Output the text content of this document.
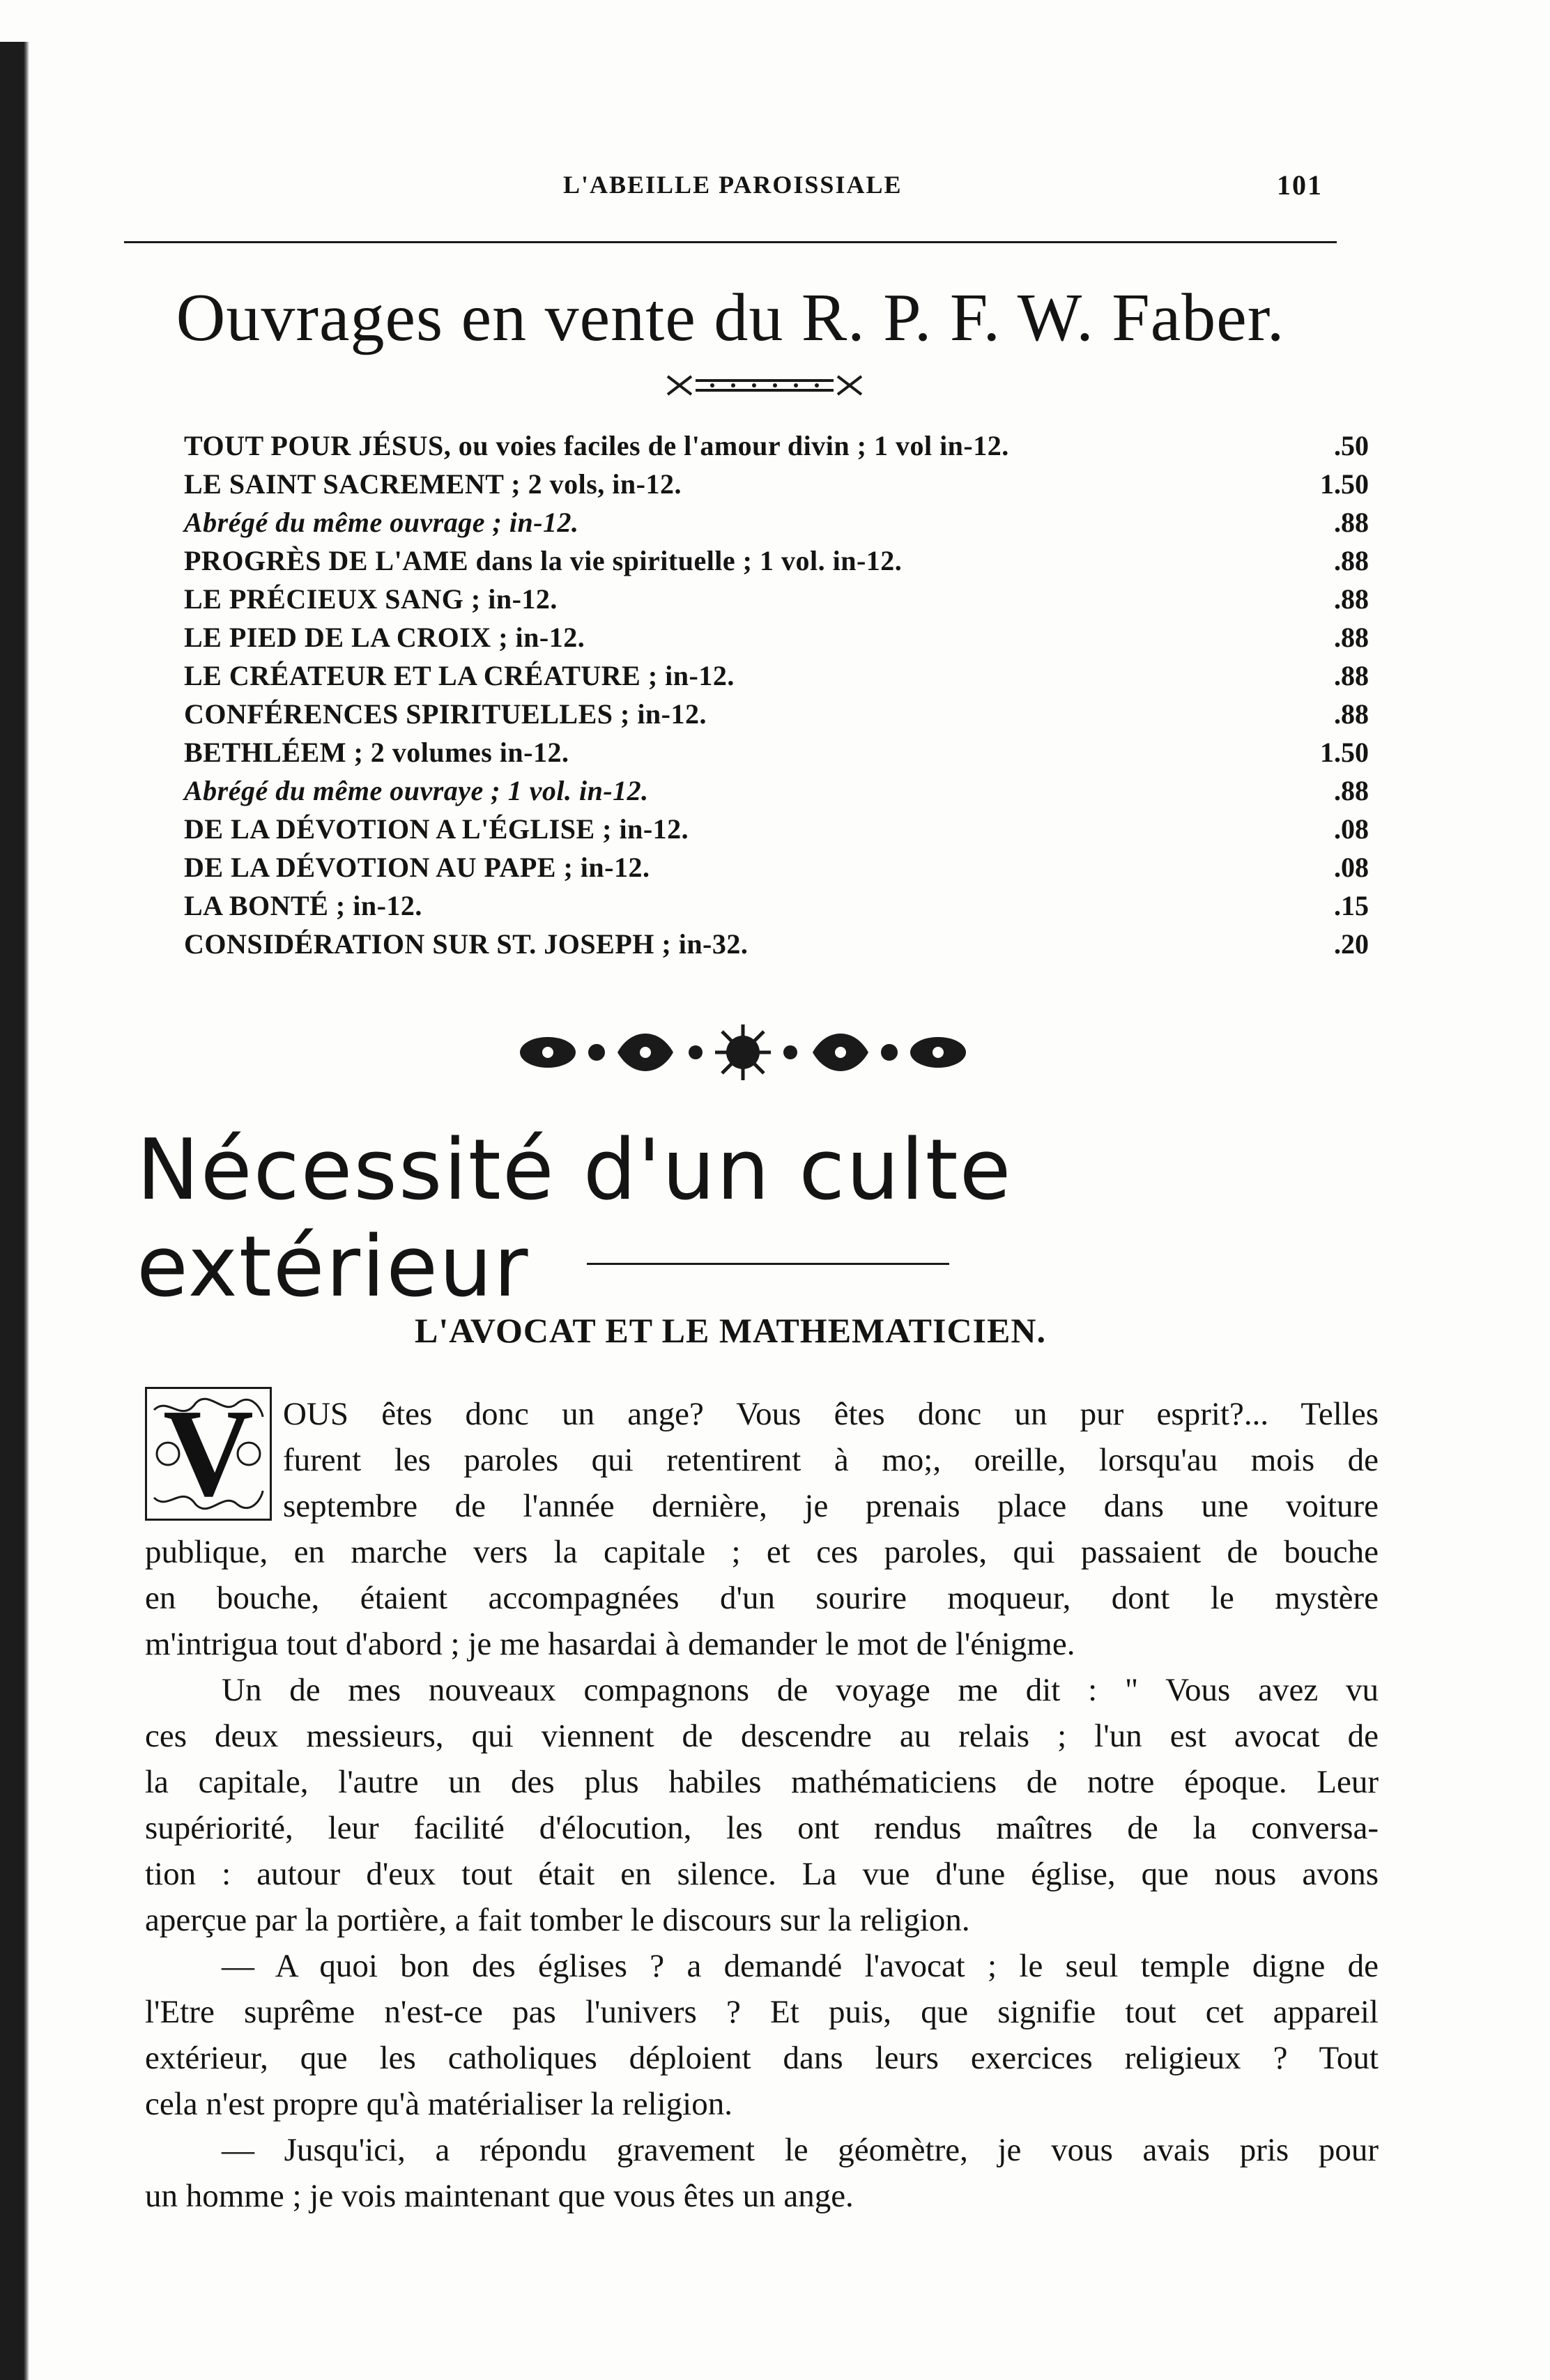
L'ABEILLE PAROISSIALE	101
Ouvrages en vente du R. P. F. W. Faber.
TOUT POUR JÉSUS, ou voies faciles de l'amour divin ; 1 vol in-12.	.50
LE SAINT SACREMENT ; 2 vols, in-12.	1.50
Abrégé du même ouvrage ; in-12.	.88
PROGRÈS DE L'AME dans la vie spirituelle ; 1 vol. in-12.	.88
LE PRÉCIEUX SANG ; in-12.	.88
LE PIED DE LA CROIX ; in-12.	.88
LE CRÉATEUR ET LA CRÉATURE ; in-12.	.88
CONFÉRENCES SPIRITUELLES ; in-12.	.88
BETHLÉEM ; 2 volumes in-12.	1.50
Abrégé du même ouvraye ; 1 vol. in-12.	.88
DE LA DÉVOTION A L'ÉGLISE ; in-12.	.08
DE LA DÉVOTION AU PAPE ; in-12.	.08
LA BONTÉ ; in-12.	.15
CONSIDÉRATION SUR ST. JOSEPH ; in-32.	.20
Nécessité d'un culte extérieur
L'AVOCAT ET LE MATHEMATICIEN.
V OUS êtes donc un ange? Vous êtes donc un pur esprit?... Telles
furent les paroles qui retentirent à mo;, oreille, lorsqu'au mois de
septembre de l'année dernière, je prenais place dans une voiture
publique, en marche vers la capitale ; et ces paroles, qui passaient de bouche
en bouche, étaient accompagnées d'un sourire moqueur, dont le mystère
m'intrigua tout d'abord ; je me hasardai à demander le mot de l'énigme.
Un de mes nouveaux compagnons de voyage me dit : " Vous avez vu
ces deux messieurs, qui viennent de descendre au relais ; l'un est avocat de
la capitale, l'autre un des plus habiles mathématiciens de notre époque. Leur
supériorité, leur facilité d'élocution, les ont rendus maîtres de la conversa-
tion : autour d'eux tout était en silence. La vue d'une église, que nous avons
aperçue par la portière, a fait tomber le discours sur la religion.
— A quoi bon des églises ? a demandé l'avocat ; le seul temple digne de
l'Etre suprême n'est-ce pas l'univers ? Et puis, que signifie tout cet appareil
extérieur, que les catholiques déploient dans leurs exercices religieux ? Tout
cela n'est propre qu'à matérialiser la religion.
— Jusqu'ici, a répondu gravement le géomètre, je vous avais pris pour
un homme ; je vois maintenant que vous êtes un ange.
